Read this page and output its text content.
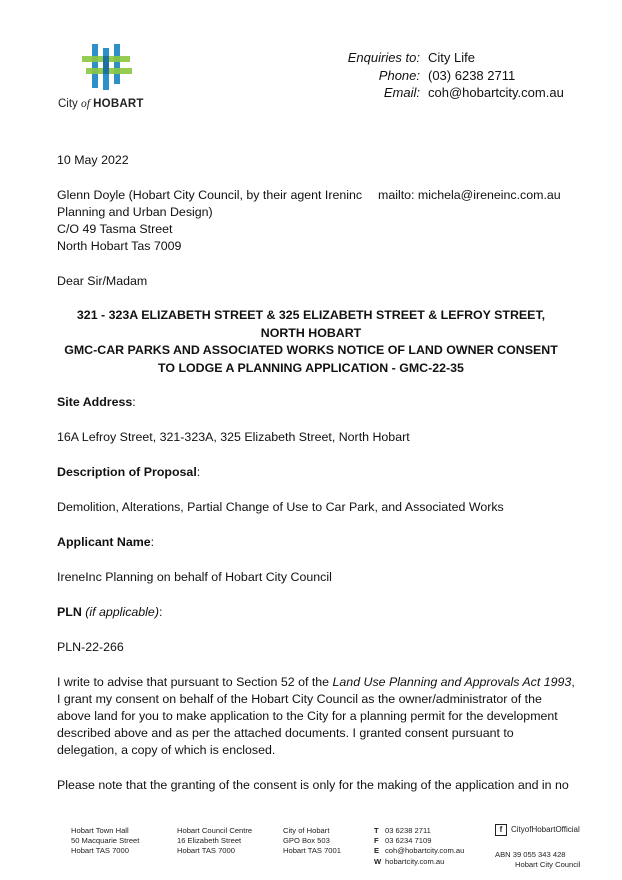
City of HOBART
Enquiries to:
Phone:
Email:
City Life
(03) 6238 2711
coh@hobartcity.com.au
10 May 2022
Glenn Doyle (Hobart City Council, by their agent Ireninc
Planning and Urban Design)
C/O 49 Tasma Street
North Hobart Tas 7009
mailto: michela@ireneinc.com.au
Dear Sir/Madam
321 - 323A ELIZABETH STREET & 325 ELIZABETH STREET & LEFROY STREET,
NORTH HOBART
GMC-CAR PARKS AND ASSOCIATED WORKS NOTICE OF LAND OWNER CONSENT
TO LODGE A PLANNING APPLICATION - GMC-22-35
Site Address:
16A Lefroy Street, 321-323A, 325 Elizabeth Street, North Hobart
Description of Proposal:
Demolition, Alterations, Partial Change of Use to Car Park, and Associated Works
Applicant Name:
IreneInc Planning on behalf of Hobart City Council
PLN (if applicable):
PLN-22-266
I write to advise that pursuant to Section 52 of the Land Use Planning and Approvals Act 1993, I grant my consent on behalf of the Hobart City Council as the owner/administrator of the above land for you to make application to the City for a planning permit for the development described above and as per the attached documents. I granted consent pursuant to delegation, a copy of which is enclosed.
Please note that the granting of the consent is only for the making of the application and in no
Hobart Town Hall
50 Macquarie Street
Hobart TAS 7000
Hobart Council Centre
16 Elizabeth Street
Hobart TAS 7000
City of Hobart
GPO Box 503
Hobart TAS 7001
T 03 6238 2711
F 03 6234 7109
E coh@hobartcity.com.au
W hobartcity.com.au
f CityofHobartOfficial
ABN 39 055 343 428
Hobart City Council
